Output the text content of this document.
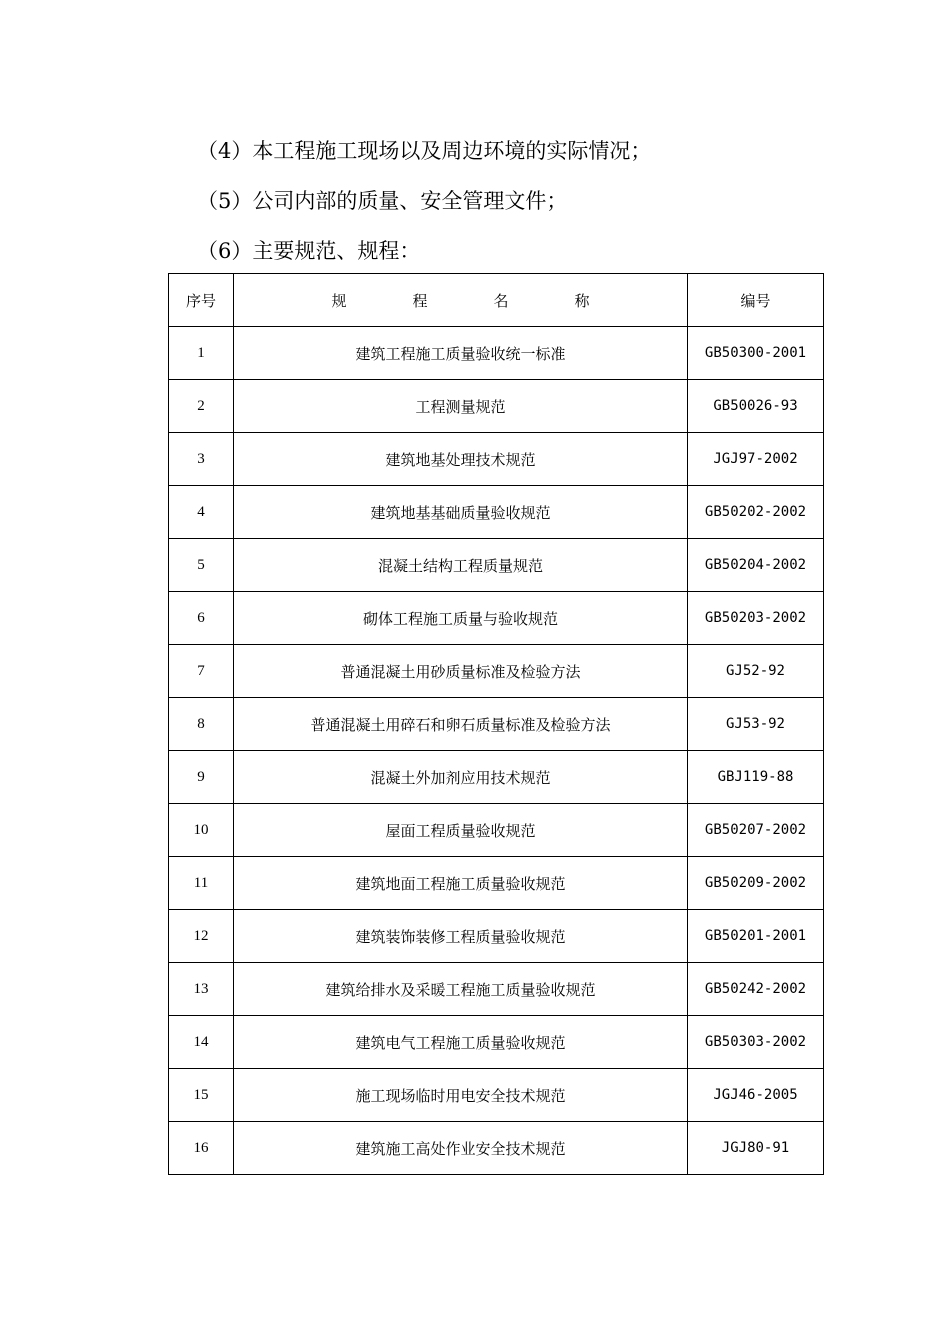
（4）本工程施工现场以及周边环境的实际情况；
（5）公司内部的质量、安全管理文件；
（6）主要规范、规程：
序号	规 程 名 称	编号
1	建筑工程施工质量验收统一标准	GB50300-2001
2	工程测量规范	GB50026-93
3	建筑地基处理技术规范	JGJ97-2002
4	建筑地基基础质量验收规范	GB50202-2002
5	混凝土结构工程质量规范	GB50204-2002
6	砌体工程施工质量与验收规范	GB50203-2002
7	普通混凝土用砂质量标准及检验方法	GJ52-92
8	普通混凝土用碎石和卵石质量标准及检验方法	GJ53-92
9	混凝土外加剂应用技术规范	GBJ119-88
10	屋面工程质量验收规范	GB50207-2002
11	建筑地面工程施工质量验收规范	GB50209-2002
12	建筑装饰装修工程质量验收规范	GB50201-2001
13	建筑给排水及采暖工程施工质量验收规范	GB50242-2002
14	建筑电气工程施工质量验收规范	GB50303-2002
15	施工现场临时用电安全技术规范	JGJ46-2005
16	建筑施工高处作业安全技术规范	JGJ80-91
